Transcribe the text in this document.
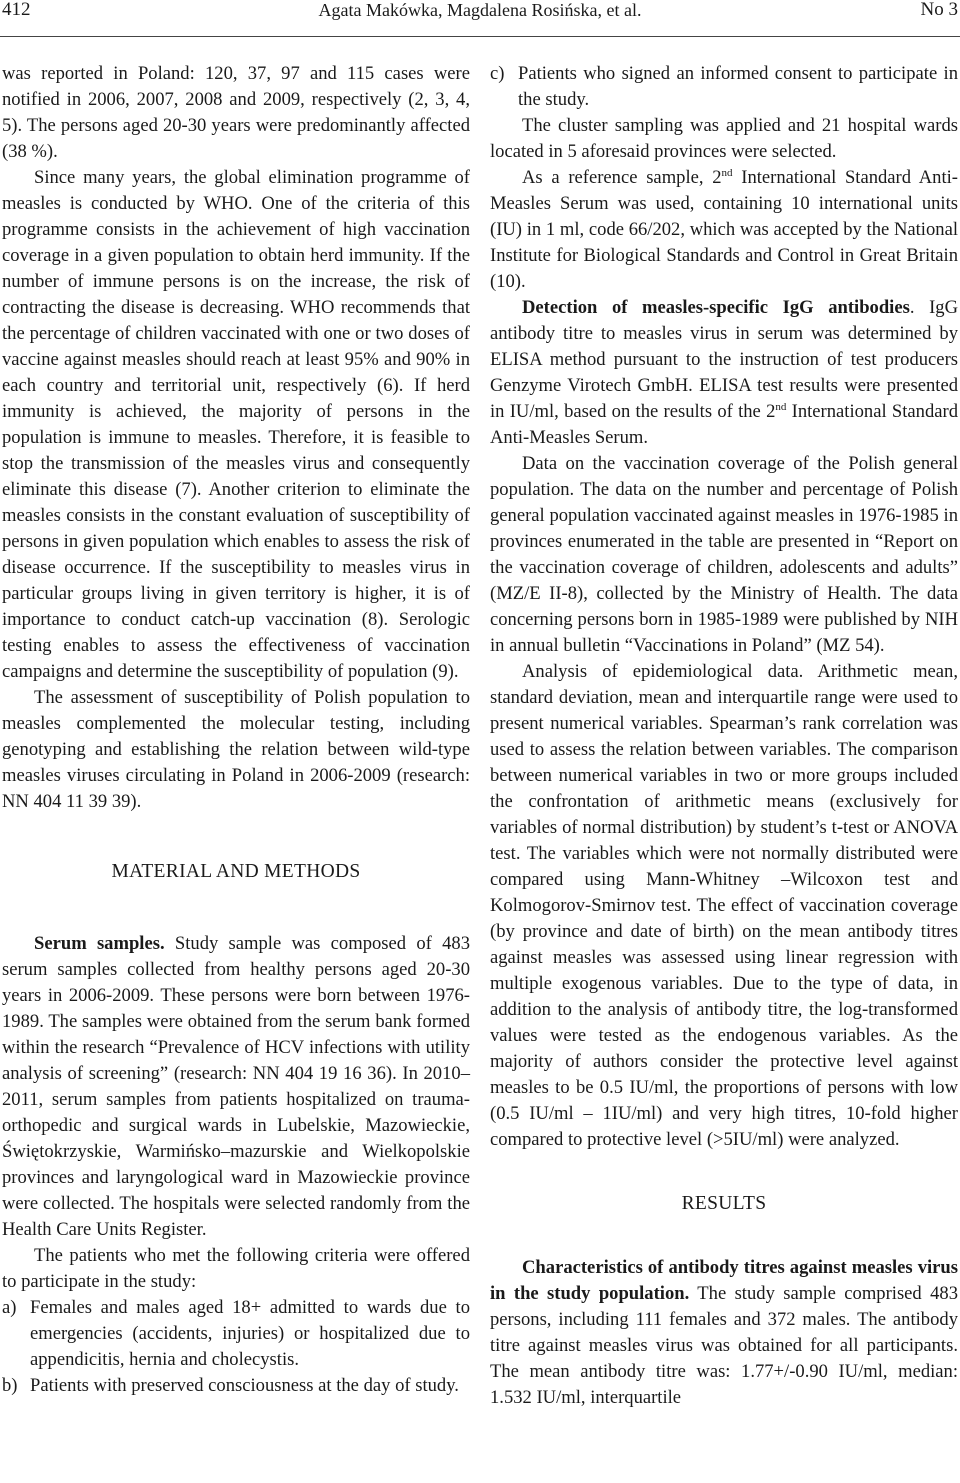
412	Agata Makówka, Magdalena Rosińska, et al.	No 3

was reported in Poland: 120, 37, 97 and 115 cases were notified in 2006, 2007, 2008 and 2009, respectively (2, 3, 4, 5). The persons aged 20-30 years were predominantly affected (38 %).

Since many years, the global elimination programme of measles is conducted by WHO. One of the criteria of this programme consists in the achievement of high vaccination coverage in a given population to obtain herd immunity. If the number of immune persons is on the increase, the risk of contracting the disease is decreasing. WHO recommends that the percentage of children vaccinated with one or two doses of vaccine against measles should reach at least 95% and 90% in each country and territorial unit, respectively (6). If herd immunity is achieved, the majority of persons in the population is immune to measles. Therefore, it is feasible to stop the transmission of the measles virus and consequently eliminate this disease (7). Another criterion to eliminate the measles consists in the constant evaluation of susceptibility of persons in given population which enables to assess the risk of disease occurrence. If the susceptibility to measles virus in particular groups living in given territory is higher, it is of importance to conduct catch-up vaccination (8). Serologic testing enables to assess the effectiveness of vaccination campaigns and determine the susceptibility of population (9).

The assessment of susceptibility of Polish population to measles complemented the molecular testing, including genotyping and establishing the relation between wild-type measles viruses circulating in Poland in 2006-2009 (research: NN 404 11 39 39).

MATERIAL AND METHODS

Serum samples. Study sample was composed of 483 serum samples collected from healthy persons aged 20-30 years in 2006-2009. These persons were born between 1976-1989. The samples were obtained from the serum bank formed within the research “Prevalence of HCV infections with utility analysis of screening” (research: NN 404 19 16 36). In 2010–2011, serum samples from patients hospitalized on trauma-orthopedic and surgical wards in Lubelskie, Mazowieckie, Świętokrzyskie, Warmińsko–mazurskie and Wielkopolskie provinces and laryngological ward in Mazowieckie province were collected. The hospitals were selected randomly from the Health Care Units Register.

The patients who met the following criteria were offered to participate in the study:

a) Females and males aged 18+ admitted to wards due to emergencies (accidents, injuries) or hospitalized due to appendicitis, hernia and cholecystis.
b) Patients with preserved consciousness at the day of study.
c) Patients who signed an informed consent to participate in the study.

The cluster sampling was applied and 21 hospital wards located in 5 aforesaid provinces were selected.

As a reference sample, 2nd International Standard Anti-Measles Serum was used, containing 10 international units (IU) in 1 ml, code 66/202, which was accepted by the National Institute for Biological Standards and Control in Great Britain (10).

Detection of measles-specific IgG antibodies. IgG antibody titre to measles virus in serum was determined by ELISA method pursuant to the instruction of test producers Genzyme Virotech GmbH. ELISA test results were presented in IU/ml, based on the results of the 2nd International Standard Anti-Measles Serum.

Data on the vaccination coverage of the Polish general population. The data on the number and percentage of Polish general population vaccinated against measles in 1976-1985 in provinces enumerated in the table are presented in “Report on the vaccination coverage of children, adolescents and adults” (MZ/E II-8), collected by the Ministry of Health. The data concerning persons born in 1985-1989 were published by NIH in annual bulletin “Vaccinations in Poland” (MZ 54).

Analysis of epidemiological data. Arithmetic mean, standard deviation, mean and interquartile range were used to present numerical variables. Spearman’s rank correlation was used to assess the relation between variables. The comparison between numerical variables in two or more groups included the confrontation of arithmetic means (exclusively for variables of normal distribution) by student’s t-test or ANOVA test. The variables which were not normally distributed were compared using Mann-Whitney –Wilcoxon test and Kolmogorov-Smirnov test. The effect of vaccination coverage (by province and date of birth) on the mean antibody titres against measles was assessed using linear regression with multiple exogenous variables. Due to the type of data, in addition to the analysis of antibody titre, the log-transformed values were tested as the endogenous variables. As the majority of authors consider the protective level against measles to be 0.5 IU/ml, the proportions of persons with low (0.5 IU/ml – 1IU/ml) and very high titres, 10-fold higher compared to protective level (>5IU/ml) were analyzed.

RESULTS

Characteristics of antibody titres against measles virus in the study population. The study sample comprised 483 persons, including 111 females and 372 males. The antibody titre against measles virus was obtained for all participants. The mean antibody titre was: 1.77+/-0.90 IU/ml, median: 1.532 IU/ml, interquartile
